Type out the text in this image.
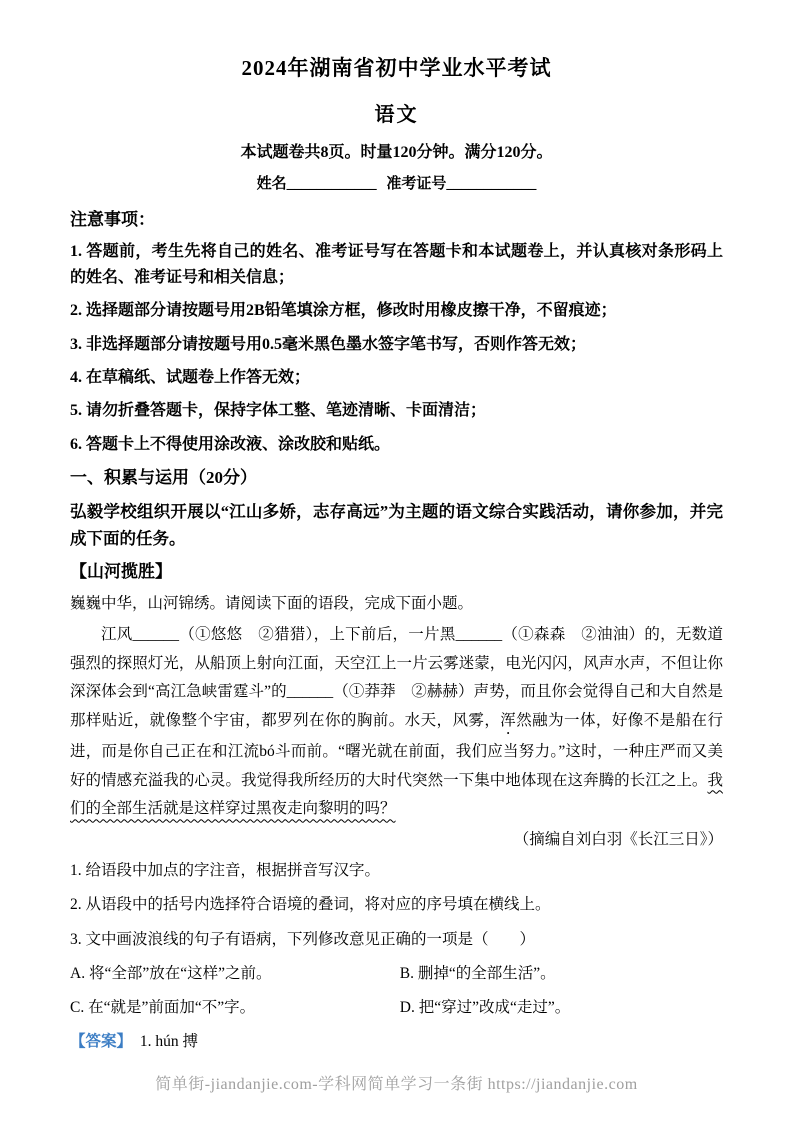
2024年湖南省初中学业水平考试
语文

本试题卷共8页。时量120分钟。满分120分。

姓名____________ 准考证号____________

注意事项：

1. 答题前，考生先将自己的姓名、准考证号写在答题卡和本试题卷上，并认真核对条形码上的姓名、准考证号和相关信息；

2. 选择题部分请按题号用2B铅笔填涂方框，修改时用橡皮擦干净，不留痕迹；

3. 非选择题部分请按题号用0.5毫米黑色墨水签字笔书写，否则作答无效；

4. 在草稿纸、试题卷上作答无效；

5. 请勿折叠答题卡，保持字体工整、笔迹清晰、卡面清洁；

6. 答题卡上不得使用涂改液、涂改胶和贴纸。

一、积累与运用（20分）

弘毅学校组织开展以“江山多娇，志存高远”为主题的语文综合实践活动，请你参加，并完成下面的任务。

【山河揽胜】

巍巍中华，山河锦绣。请阅读下面的语段，完成下面小题。

江风______（①悠悠　②猎猎），上下前后，一片黑______（①森森　②油油）的，无数道强烈的探照灯光，从船顶上射向江面，天空江上一片云雾迷蒙，电光闪闪，风声水声，不但让你深深体会到“高江急峡雷霆斗”的______（①莽莽　②赫赫）声势，而且你会觉得自己和大自然是那样贴近，就像整个宇宙，都罗列在你的胸前。水天，风雾，浑然融为一体，好像不是船在行进，而是你自己正在和江流bó斗而前。“曙光就在前面，我们应当努力。”这时，一种庄严而又美好的情感充溢我的心灵。我觉得我所经历的大时代突然一下集中地体现在这奔腾的长江之上。我们的全部生活就是这样穿过黑夜走向黎明的吗？

（摘编自刘白羽《长江三日》）

1. 给语段中加点的字注音，根据拼音写汉字。

2. 从语段中的括号内选择符合语境的叠词，将对应的序号填在横线上。

3. 文中画波浪线的句子有语病，下列修改意见正确的一项是（　　）

A. 将“全部”放在“这样”之前。	B. 删掉“的全部生活”。
C. 在“就是”前面加“不”字。	D. 把“穿过”改成“走过”。

【答案】 1. hún 搏

简单街-jiandanjie.com-学科网简单学习一条街 https://jiandanjie.com
